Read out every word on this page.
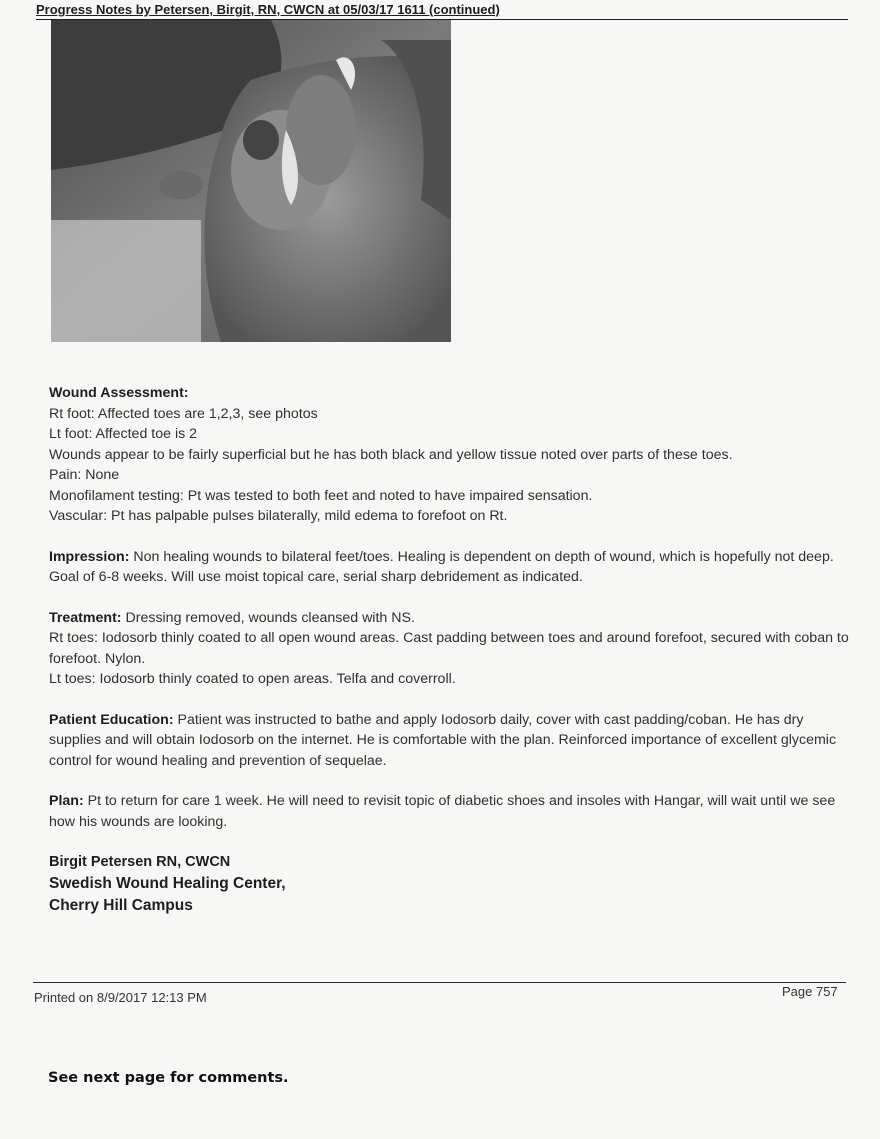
Progress Notes by Petersen, Birgit, RN, CWCN at 05/03/17 1611 (continued)

Wound Assessment:

Rt foot: Affected toes are 1,2,3, see photos

Lt foot: Affected toe is 2

Wounds appear to be fairly superficial but he has both black and yellow tissue noted over parts of these toes.

Pain: None

Monofilament testing: Pt was tested to both feet and noted to have impaired sensation.

Vascular: Pt has palpable pulses bilaterally, mild edema to forefoot on Rt.

Impression: Non healing wounds to bilateral feet/toes. Healing is dependent on depth of wound, which is hopefully not deep. Goal of 6-8 weeks. Will use moist topical care, serial sharp debridement as indicated.

Treatment: Dressing removed, wounds cleansed with NS.

Rt toes: Iodosorb thinly coated to all open wound areas. Cast padding between toes and around forefoot, secured with coban to forefoot. Nylon.

Lt toes: Iodosorb thinly coated to open areas. Telfa and coverroll.

Patient Education: Patient was instructed to bathe and apply Iodosorb daily, cover with cast padding/coban. He has dry supplies and will obtain Iodosorb on the internet. He is comfortable with the plan. Reinforced importance of excellent glycemic control for wound healing and prevention of sequelae.

Plan: Pt to return for care 1 week. He will need to revisit topic of diabetic shoes and insoles with Hangar, will wait until we see how his wounds are looking.

Birgit Petersen RN, CWCN

Swedish Wound Healing Center,

Cherry Hill Campus

Printed on 8/9/2017 12:13 PM	Page 757
See next page for comments.
